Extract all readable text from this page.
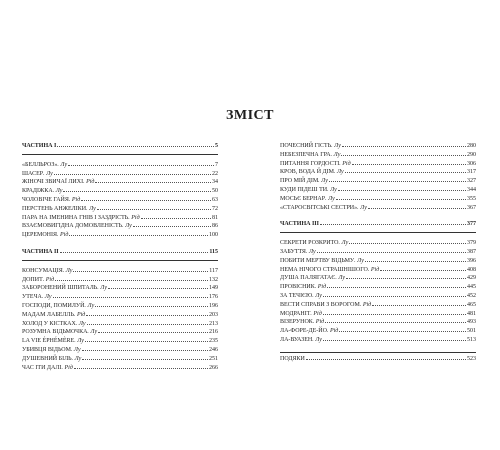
ЗМІСТ
ЧАСТИНА І	5
«БЕЛЛЬРОЗ». Лу	7
ШАСЕР. Лу	22
ЖІНОЧІ ЗВИЧАЇ ЛИХІ. Рід	34
КРАДІЖКА. Лу	50
ЧОЛОВІЧЕ ГАЙЯ. Рід	63
ПЕРСТЕНЬ АНЖЕЛІКИ. Лу	72
ПАРА НА ІМЕНИНА ГНІВ І ЗАЗДРІСТЬ. Рід	81
ВЗАЄМОВИГІДНА ДОМОВЛЕНІСТЬ. Лу	86
ЦЕРЕМОНІЯ. Рід	100
ЧАСТИНА ІІ	115
КОНСУМАЦІЯ. Лу	117
ДОПИТ. Рід	132
ЗАБОРОНЕНИЙ ШПИТАЛЬ. Лу	149
УТЕЧА. Лу	176
ГОСПОДИ, ПОМИЛУЙ. Лу	196
МАДАМ ЛАБЕЛЛЬ. Рід	203
ХОЛОД У КІСТКАХ. Лу	213
РОЗУМНА ВІДЬМОЧКА. Лу	216
LA VIE ÉPHÉMÈRE. Лу	235
УБИВЦЯ ВІДЬОМ. Лу	246
ДУШЕВНИЙ БІЛЬ. Лу	251
ЧАС ІТИ ДАЛІ. Рід	266
ПОЧЕСНИЙ ГІСТЬ. Лу	280
НЕБЕЗПЕЧНА ГРА. Лу	290
ПИТАННЯ ГОРДОСТІ. Рід	306
КРОВ, ВОДА Й ДІМ. Лу	317
ПРО МІЙ ДІМ. Лу	327
КУДИ ПІДЕШ ТИ. Лу	344
МОСЬЄ БЕРНАР. Лу	355
«СТАРОСВІТСЬКІ СЕСТРИ». Лу	367
ЧАСТИНА ІІІ	377
СЕКРЕТИ РОЗКРИТО. Лу	379
ЗАБУТТЯ. Лу	387
ПОБИТИ МЕРТВУ ВІДЬМУ. Лу	396
НЕМА НІЧОГО СТРАШНІШОГО. Рід	408
ДУША ПАЛЯГАТАЄ. Лу	429
ПРОВІСНИК. Рід	445
ЗА ТЕЧІЄЮ. Лу	452
ВЕСТИ СПРАВИ З ВОРОГОМ. Рід	465
МОДРАНІТ. Рід	481
ВІЗЕРУНОК. Рід	493
ЛА-ФОРЕ-ДЕ-ЙО. Рід	501
ЛА-ВУАЗЕН. Лу	513
ПОДЯКИ	523
